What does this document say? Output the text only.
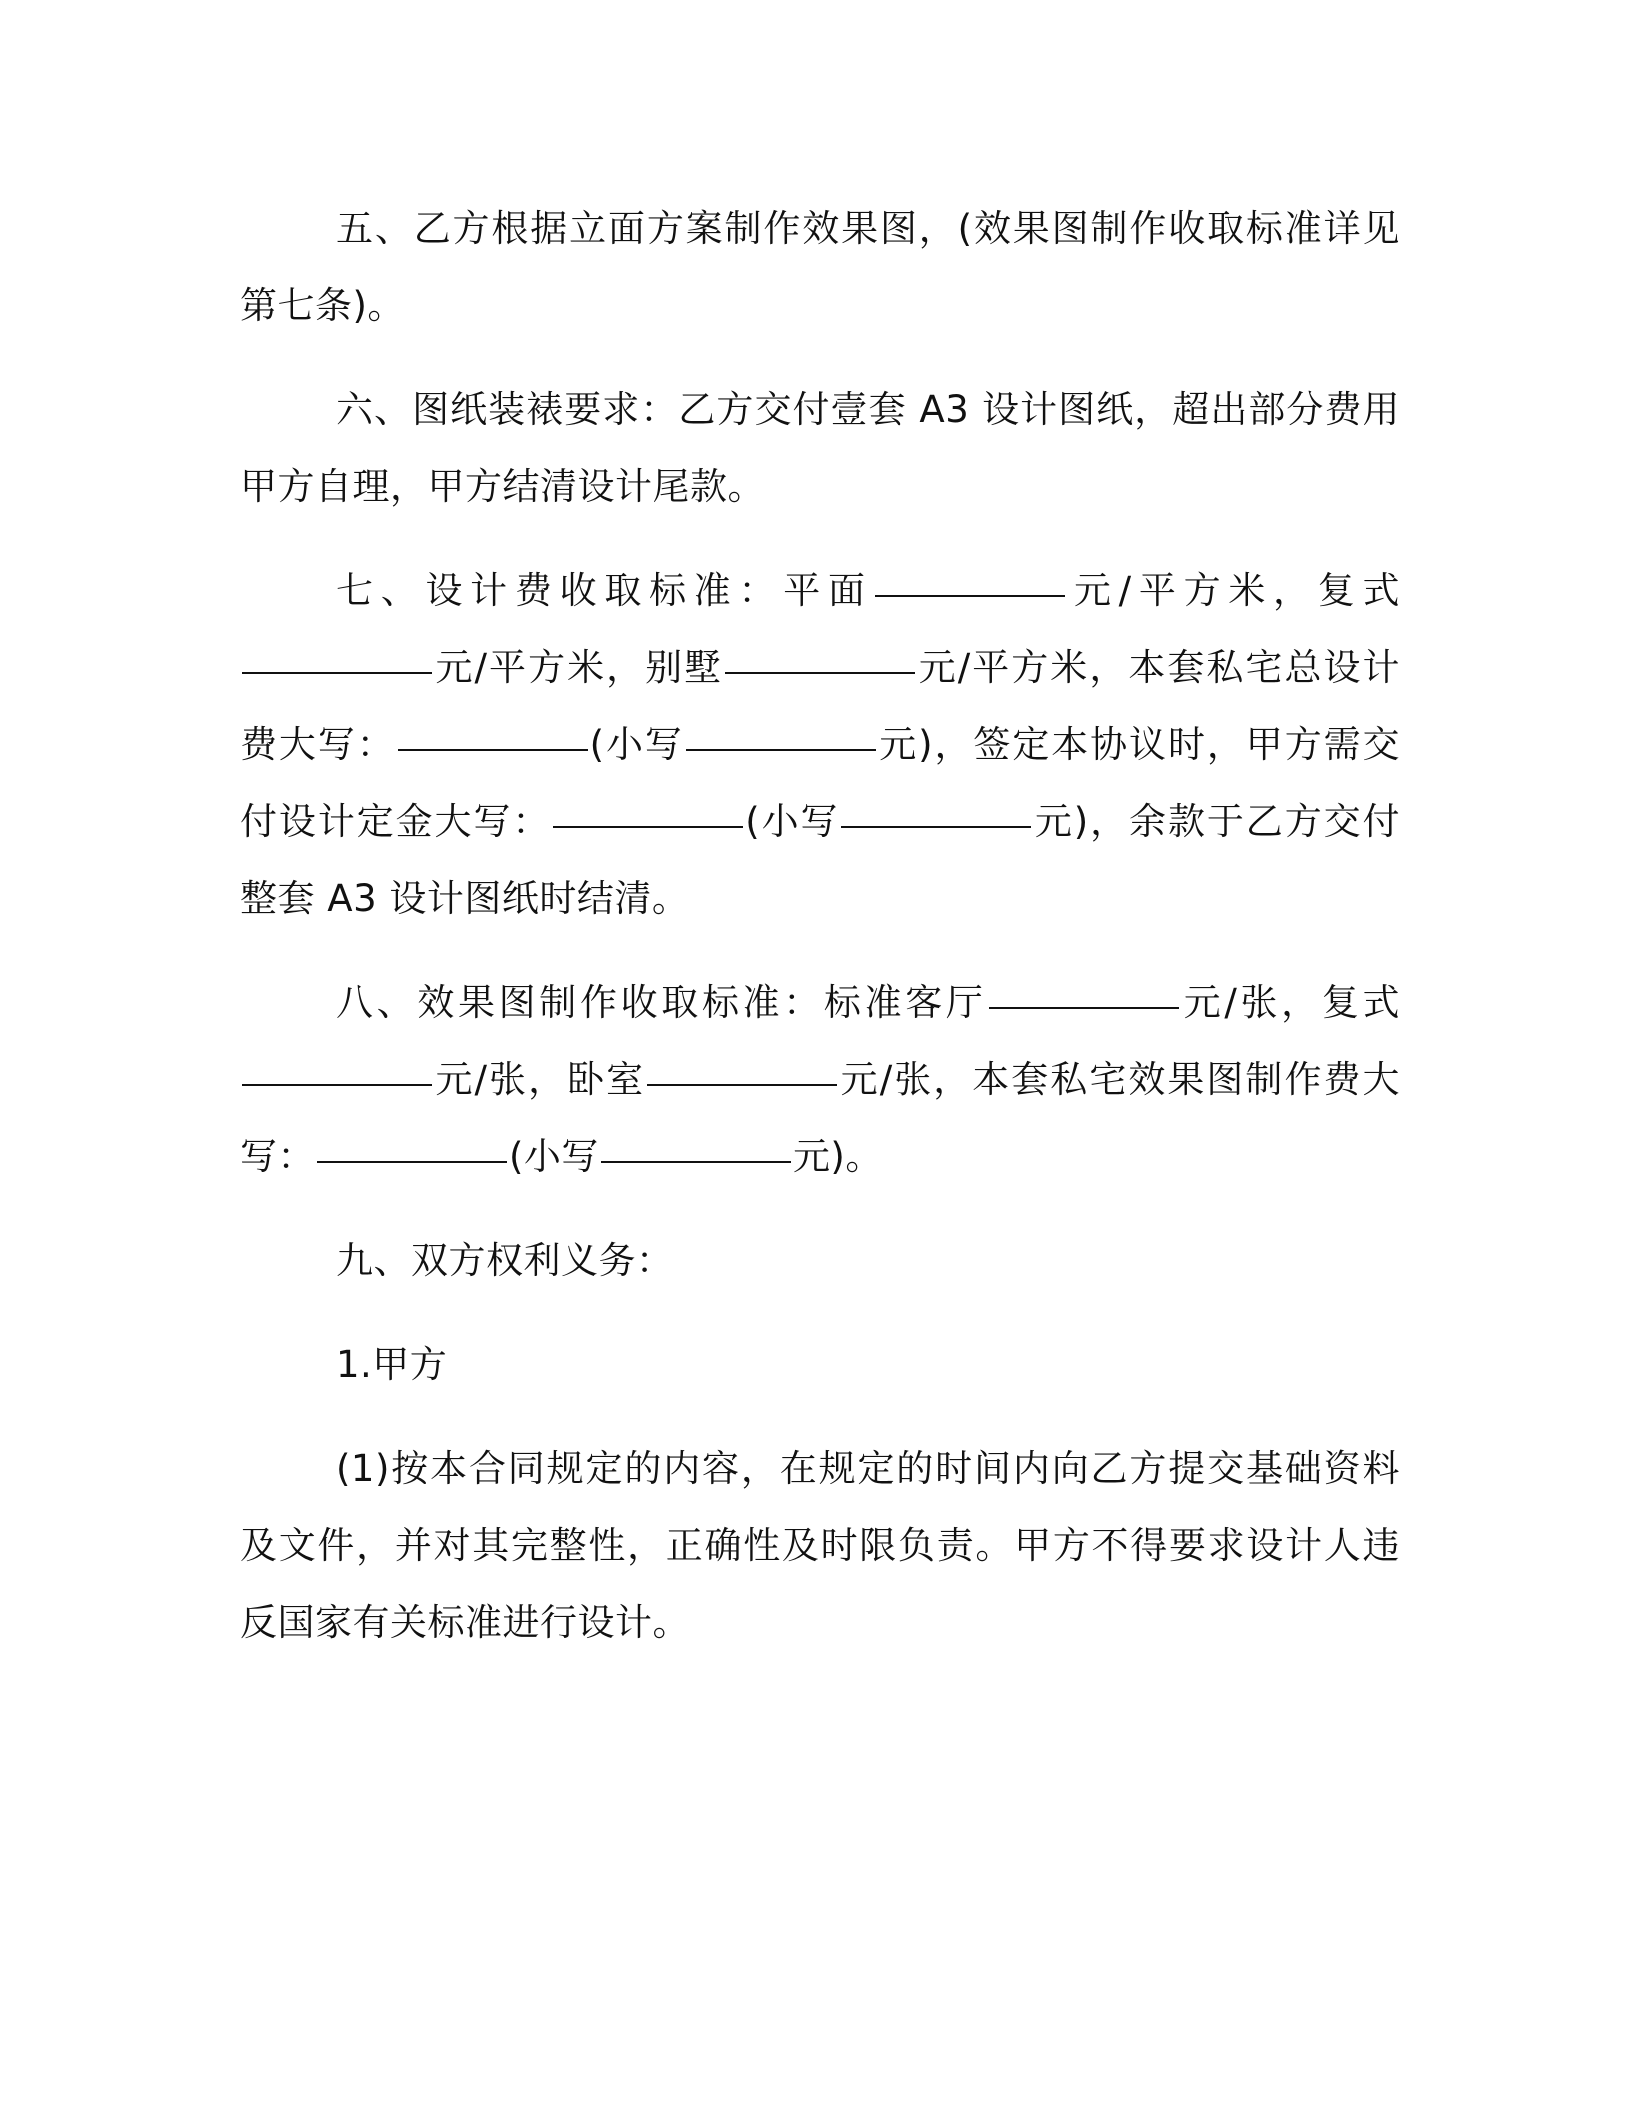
五、乙方根据立面方案制作效果图，(效果图制作收取标准详见第七条)。

六、图纸装裱要求：乙方交付壹套 A3 设计图纸，超出部分费用甲方自理，甲方结清设计尾款。

七、设计费收取标准：平面	元/平方米，复式元/平方米，别墅	元/平方米，本套私宅总设计费大写：	(小写	元)，签定本协议时，甲方需交付设计定金大写：	(小写	元)，余款于乙方交付整套 A3 设计图纸时结清。

八、效果图制作收取标准：标准客厅	元/张，复式元/张，卧室	元/张，本套私宅效果图制作费大写：	(小写	元)。

九、双方权利义务：

1.甲方

(1)按本合同规定的内容，在规定的时间内向乙方提交基础资料及文件，并对其完整性，正确性及时限负责。甲方不得要求设计人违反国家有关标准进行设计。
